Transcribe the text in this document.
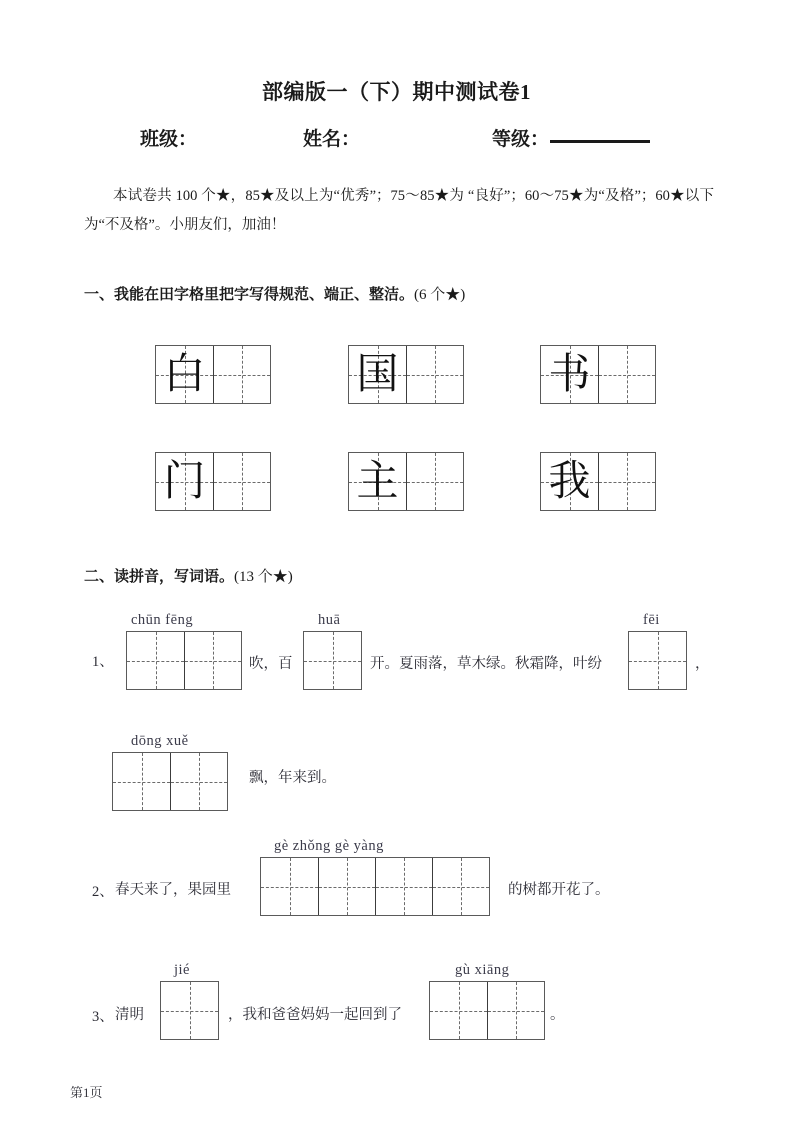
部编版一（下）期中测试卷1
班级：	姓名：	等级：
本试卷共 100 个★，85★及以上为“优秀”；75～85★为 “良好”；60～75★为“及格”；60★以下为“不及格”。小朋友们，加油！
一、我能在田字格里把字写得规范、端正、整洁。(6 个★)
白	国	书
门	主	我
二、读拼音，写词语。(13 个★)
1、
chūn fēng
吹，百
huā
开。夏雨落，草木绿。秋霜降，叶纷
fēi
，
dōng xuě
飘，年来到。
2、 春天来了，果园里
gè zhǒng gè yàng
的树都开花了。
3、 清明
jié
，我和爸爸妈妈一起回到了
gù xiāng
。
第1页
